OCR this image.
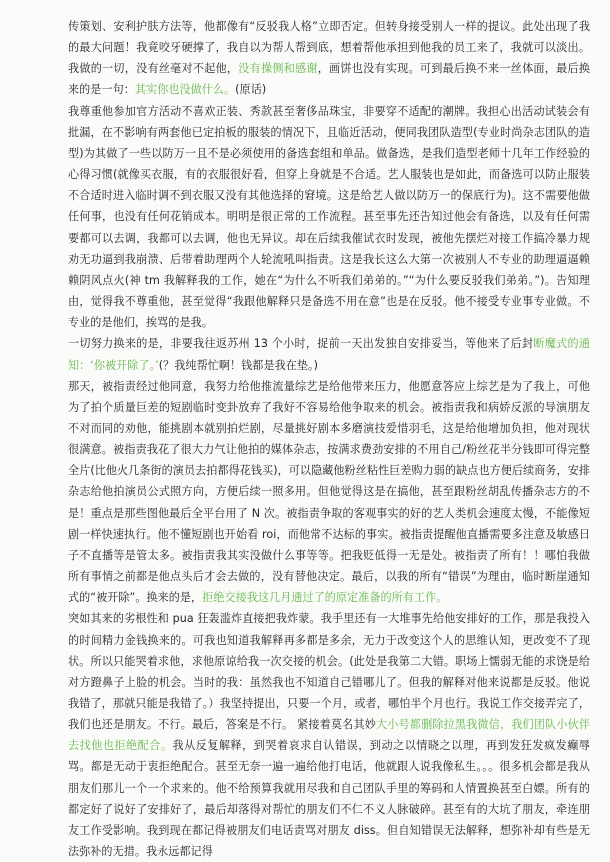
传策划、安利护肤方法等，他都像有“反驳我人格”立即否定。但转身接受别人一样的提议。此处出现了我的最大问题！我竟咬牙硬撑了，我自以为帮人帮到底，想着帮他承担到他我的员工来了，我就可以淡出。我做的一切，没有丝毫对不起他，没有操侧和感谢，画饼也没有实现。可到最后换不来一丝体面，最后换来的是一句：其实你也没做什么。(原话)

我尊重他参加官方活动不喜欢正装、秀款甚至奢侈品珠宝，非要穿不适配的潮牌。我担心出活动试装会有批漏，在不影响有两套他已定拍板的服装的情况下，且临近活动，便同我团队造型(专业时尚杂志团队的造型)为其做了一些以防万一且不是必须使用的备选套组和单品。做备选，是我们造型老师十几年工作经验的心得习惯(就像买衣服，有的衣服很好看，但穿上身就是不合适。艺人服装也是如此，而备选可以防止服装不合适时进入临时调不到衣服又没有其他选择的窘境。这是给艺人做以防万一的保底行为)。这不需要他做任何事，也没有任何花销成本。明明是很正常的工作流程。甚至事先还告知过他会有备选，以及有任何需要都可以去调，我都可以去调，他也无异议。却在后续我催试衣时发现，被他先摆烂对接工作搞冷暴力规劝无功逼到我崩溃、后带着助理两个人轮流吼叫指责。这是我长这么大第一次被别人不专业的助理逼逼赖赖阴风点火(神 tm 我解释我的工作，她在“为什么不听我们弟弟的。”“为什么要反驳我们弟弟。”)。告知理由，觉得我不尊重他，甚至觉得“我跟他解释只是备选不用在意”也是在反驳。他不接受专业事专业做。不专业的是他们，挨骂的是我。

一切努力换来的是，非要我往返苏州 13 个小时，捉前一天出发独自安排妥当，等他来了后封断魔式的通知：‘你被开除了。’(？我纯帮忙啊！钱都是我在垫。)

那天，被指责经过他同意，我努力给他推流量综艺是给他带来压力，他愿意答应上综艺是为了我上，可他为了拍个质量巨差的短剧临时变卦放弃了我好不容易给他争取来的机会。被指责我和病娇反派的导演朋友不对而同的劝他，能挑剧本就别拍烂剧，尽量挑好剧本多磨演技爱惜羽毛，这是给他增加负担，他对现状很满意。被指责我花了很大力气让他拍的媒体杂志，按满求费劲安排的不用自己/粉丝花半分钱即可得完整全片(比他火几条街的演员去拍都得花钱买)，可以隐藏他粉丝粘性巨差购力弱的缺点也方便后续商务，安排杂志给他拍演员公式照方向，方便后续一照多用。但他觉得这是在搞他，甚至跟粉丝胡乱传播杂志方的不是！重点是那些图他最后全平台用了 N 次。被指责争取的客观事实的好的艺人类机会速度太慢，不能像短剧一样快速执行。他不懂短剧也开始看 roi，而他常不达标的事实。被指责提醒他直播需要多注意及敏感日子不直播等是管太多。被指责我其实没做什么事等等。把我贬低得一无是处。被指责了所有！！哪怕我做所有事情之前都是他点头后才会去做的，没有替他决定。最后，以我的所有“错误”为理由，临时断崖通知式的“被开除”。换来的是，拒绝交接我这几月通过了的原定准备的所有工作。

突如其来的劣根性和 pua 狂轰滥炸直接把我炸蒙。我手里还有一大堆事先给他安排好的工作，那是我投入的时间精力金钱换来的。可我也知道我解释再多都是多余，无力于改变这个人的思维认知，更改变不了现状。所以只能哭着求他，求他原谅给我一次交接的机会。(此处是我第二大错。职场上懦弱无能的求饶是给对方蹬鼻子上脸的机会。当时的我：虽然我也不知道自己错哪儿了。但我的解释对他来说都是反驳。他说我错了，那就只能是我错了。）我坚持提出，只要一个月，或者，哪怕半个月也行。我说工作交接弄完了，我们也还是朋友。不行。最后，答案是不行。 紧接着莫名其妙大小号都删除拉黑我微信，我们团队小伙伴去找他也拒绝配合。我从反复解释，到哭着哀求自认错误，到动之以情晓之以理，再到发狂发疯发癫辱骂。都是无动于衷拒绝配合。甚至无奈一遍一遍给他打电话，他就跟人说我像私生。。。很多机会都是我从朋友们那儿一个一个求来的。他不给预算我就用尽我和自己团队手里的筹码和人情置换甚至白嫖。所有的都定好了说好了安排好了，最后却落得对帮忙的朋友们不仁不义人脉破碎。甚至有的大坑了朋友，牵连朋友工作受影响。我到现在都记得被朋友们电话责骂对朋友 diss。但自知错误无法解释，想弥补却有些是无法弥补的无措。我永远都记得
